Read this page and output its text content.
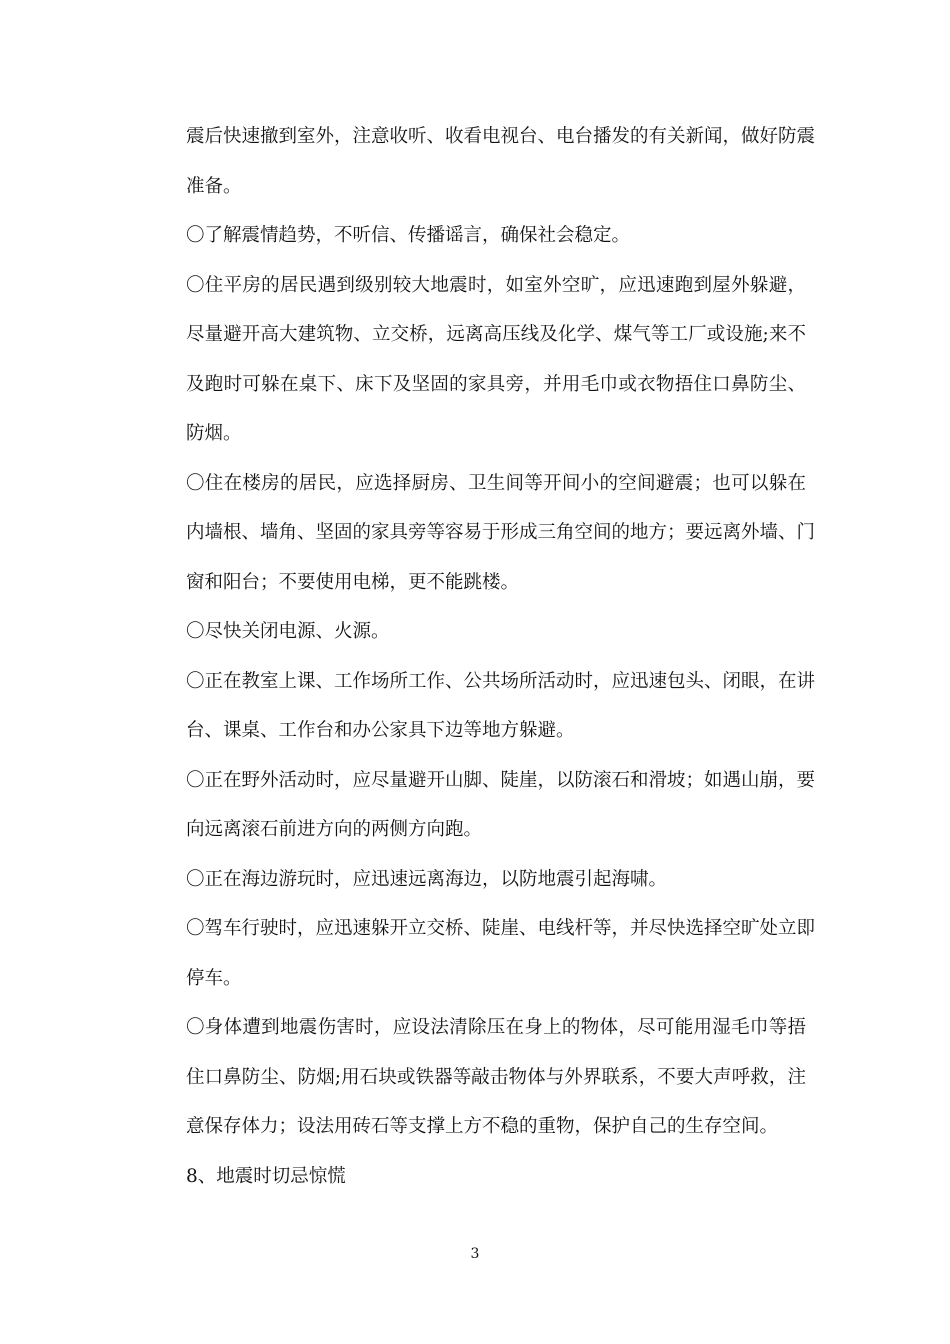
震后快速撤到室外，注意收听、收看电视台、电台播发的有关新闻，做好防震
准备。
〇了解震情趋势，不听信、传播谣言，确保社会稳定。
〇住平房的居民遇到级别较大地震时，如室外空旷，应迅速跑到屋外躲避，
尽量避开高大建筑物、立交桥，远离高压线及化学、煤气等工厂或设施;来不
及跑时可躲在桌下、床下及坚固的家具旁，并用毛巾或衣物捂住口鼻防尘、
防烟。
〇住在楼房的居民，应选择厨房、卫生间等开间小的空间避震；也可以躲在
内墙根、墙角、坚固的家具旁等容易于形成三角空间的地方；要远离外墙、门
窗和阳台；不要使用电梯，更不能跳楼。
〇尽快关闭电源、火源。
〇正在教室上课、工作场所工作、公共场所活动时，应迅速包头、闭眼，在讲
台、课桌、工作台和办公家具下边等地方躲避。
〇正在野外活动时，应尽量避开山脚、陡崖，以防滚石和滑坡；如遇山崩，要
向远离滚石前进方向的两侧方向跑。
〇正在海边游玩时，应迅速远离海边，以防地震引起海啸。
〇驾车行驶时，应迅速躲开立交桥、陡崖、电线杆等，并尽快选择空旷处立即
停车。
〇身体遭到地震伤害时，应设法清除压在身上的物体，尽可能用湿毛巾等捂
住口鼻防尘、防烟;用石块或铁器等敲击物体与外界联系，不要大声呼救，注
意保存体力；设法用砖石等支撑上方不稳的重物，保护自己的生存空间。
8、地震时切忌惊慌
3
